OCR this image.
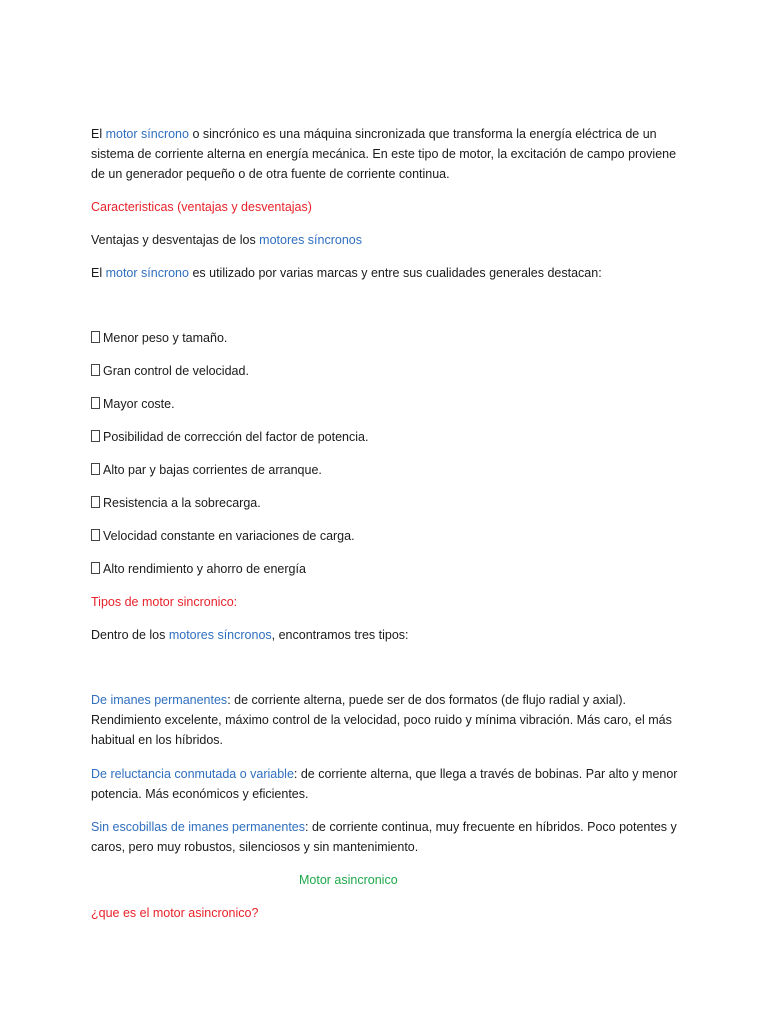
El motor síncrono o sincrónico es una máquina sincronizada que transforma la energía eléctrica de un sistema de corriente alterna en energía mecánica. En este tipo de motor, la excitación de campo proviene de un generador pequeño o de otra fuente de corriente continua.

Caracteristicas (ventajas y desventajas)

Ventajas y desventajas de los motores síncronos

El motor síncrono es utilizado por varias marcas y entre sus cualidades generales destacan:

Menor peso y tamaño.

Gran control de velocidad.

Mayor coste.

Posibilidad de corrección del factor de potencia.

Alto par y bajas corrientes de arranque.

Resistencia a la sobrecarga.

Velocidad constante en variaciones de carga.

Alto rendimiento y ahorro de energía

Tipos de motor sincronico:

Dentro de los motores síncronos, encontramos tres tipos:

De imanes permanentes: de corriente alterna, puede ser de dos formatos (de flujo radial y axial). Rendimiento excelente, máximo control de la velocidad, poco ruido y mínima vibración. Más caro, el más habitual en los híbridos.

De reluctancia conmutada o variable: de corriente alterna, que llega a través de bobinas. Par alto y menor potencia. Más económicos y eficientes.

Sin escobillas de imanes permanentes: de corriente continua, muy frecuente en híbridos. Poco potentes y caros, pero muy robustos, silenciosos y sin mantenimiento.

Motor asincronico

¿que es el motor asincronico?
